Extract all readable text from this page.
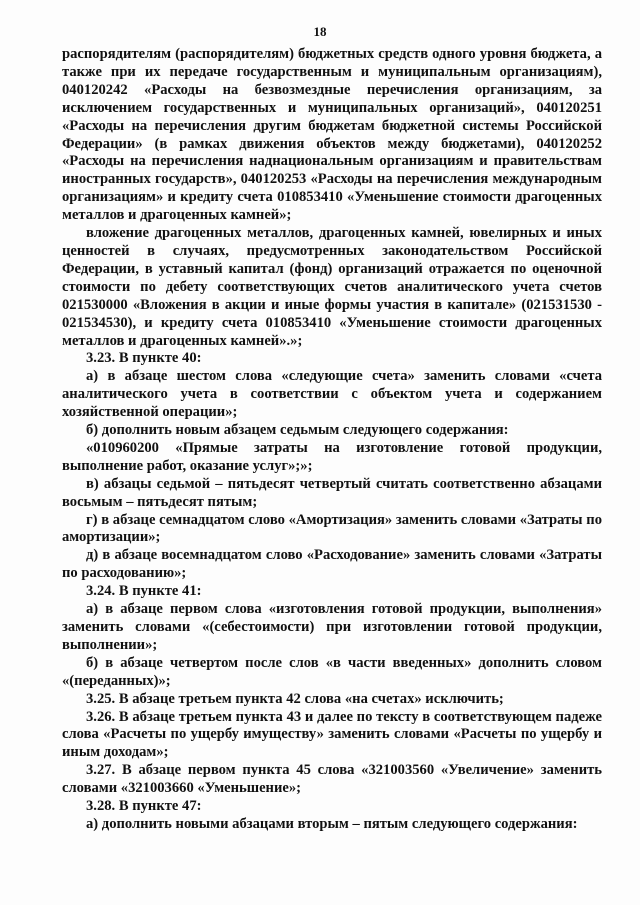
18

распорядителям (распорядителям) бюджетных средств одного уровня бюджета, а также при их передаче государственным и муниципальным организациям), 040120242 «Расходы на безвозмездные перечисления организациям, за исключением государственных и муниципальных организаций», 040120251 «Расходы на перечисления другим бюджетам бюджетной системы Российской Федерации» (в рамках движения объектов между бюджетами), 040120252 «Расходы на перечисления наднациональным организациям и правительствам иностранных государств», 040120253 «Расходы на перечисления международным организациям» и кредиту счета 010853410 «Уменьшение стоимости драгоценных металлов и драгоценных камней»;

вложение драгоценных металлов, драгоценных камней, ювелирных и иных ценностей в случаях, предусмотренных законодательством Российской Федерации, в уставный капитал (фонд) организаций отражается по оценочной стоимости по дебету соответствующих счетов аналитического учета счетов 021530000 «Вложения в акции и иные формы участия в капитале» (021531530 - 021534530), и кредиту счета 010853410 «Уменьшение стоимости драгоценных металлов и драгоценных камней».»;

3.23. В пункте 40:

а) в абзаце шестом слова «следующие счета» заменить словами «счета аналитического учета в соответствии с объектом учета и содержанием хозяйственной операции»;

б) дополнить новым абзацем седьмым следующего содержания:

«010960200 «Прямые затраты на изготовление готовой продукции, выполнение работ, оказание услуг»;»;

в) абзацы седьмой – пятьдесят четвертый считать соответственно абзацами восьмым – пятьдесят пятым;

г) в абзаце семнадцатом слово «Амортизация» заменить словами «Затраты по амортизации»;

д) в абзаце восемнадцатом слово «Расходование» заменить словами «Затраты по расходованию»;

3.24. В пункте 41:

а) в абзаце первом слова «изготовления готовой продукции, выполнения» заменить словами «(себестоимости) при изготовлении готовой продукции, выполнении»;

б) в абзаце четвертом после слов «в части введенных» дополнить словом «(переданных)»;

3.25. В абзаце третьем пункта 42 слова «на счетах» исключить;

3.26. В абзаце третьем пункта 43 и далее по тексту в соответствующем падеже слова «Расчеты по ущербу имуществу» заменить словами «Расчеты по ущербу и иным доходам»;

3.27. В абзаце первом пункта 45 слова «321003560 «Увеличение» заменить словами «321003660 «Уменьшение»;

3.28. В пункте 47:

а) дополнить новыми абзацами вторым – пятым следующего содержания:
